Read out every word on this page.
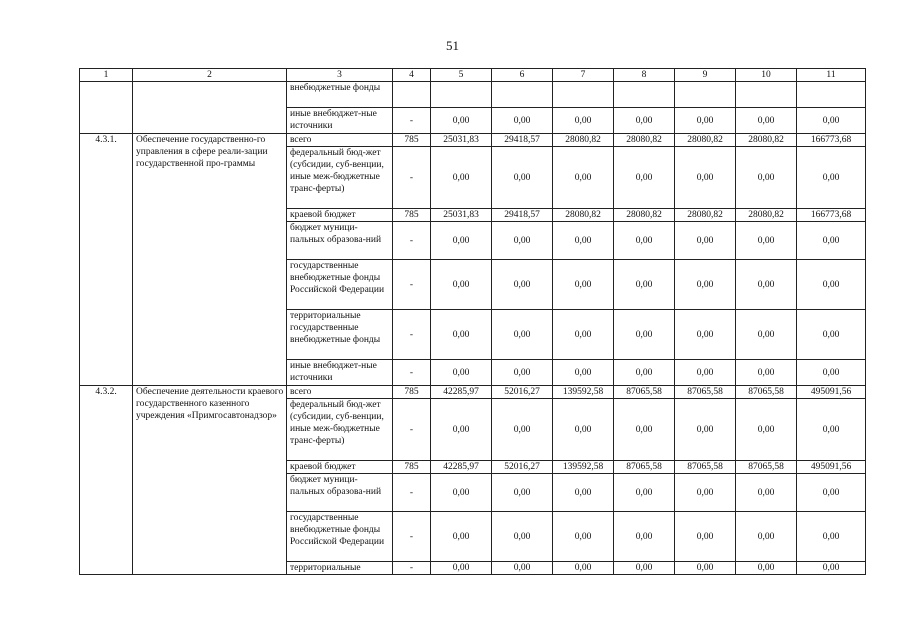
51
1	2	3	4	5	6	7	8	9	10	11
		внебюджетные фонды								
		иные внебюджет-ные источники	-	0,00	0,00	0,00	0,00	0,00	0,00	0,00
4.3.1.	Обеспечение государственно-го управления в сфере реали-зации государственной про-граммы	всего	785	25031,83	29418,57	28080,82	28080,82	28080,82	28080,82	166773,68
		федеральный бюд-жет (субсидии, суб-венции, иные меж-бюджетные транс-ферты)	-	0,00	0,00	0,00	0,00	0,00	0,00	0,00
		краевой бюджет	785	25031,83	29418,57	28080,82	28080,82	28080,82	28080,82	166773,68
		бюджет муници-пальных образова-ний	-	0,00	0,00	0,00	0,00	0,00	0,00	0,00
		государственные внебюджетные фонды Российской Федерации	-	0,00	0,00	0,00	0,00	0,00	0,00	0,00
		территориальные государственные внебюджетные фонды	-	0,00	0,00	0,00	0,00	0,00	0,00	0,00
		иные внебюджет-ные источники	-	0,00	0,00	0,00	0,00	0,00	0,00	0,00
4.3.2.	Обеспечение деятельности краевого государственного казенного учреждения «Примгосавтонадзор»	всего	785	42285,97	52016,27	139592,58	87065,58	87065,58	87065,58	495091,56
		федеральный бюд-жет (субсидии, суб-венции, иные меж-бюджетные транс-ферты)	-	0,00	0,00	0,00	0,00	0,00	0,00	0,00
		краевой бюджет	785	42285,97	52016,27	139592,58	87065,58	87065,58	87065,58	495091,56
		бюджет муници-пальных образова-ний	-	0,00	0,00	0,00	0,00	0,00	0,00	0,00
		государственные внебюджетные фонды Российской Федерации	-	0,00	0,00	0,00	0,00	0,00	0,00	0,00
		территориальные	-	0,00	0,00	0,00	0,00	0,00	0,00	0,00
